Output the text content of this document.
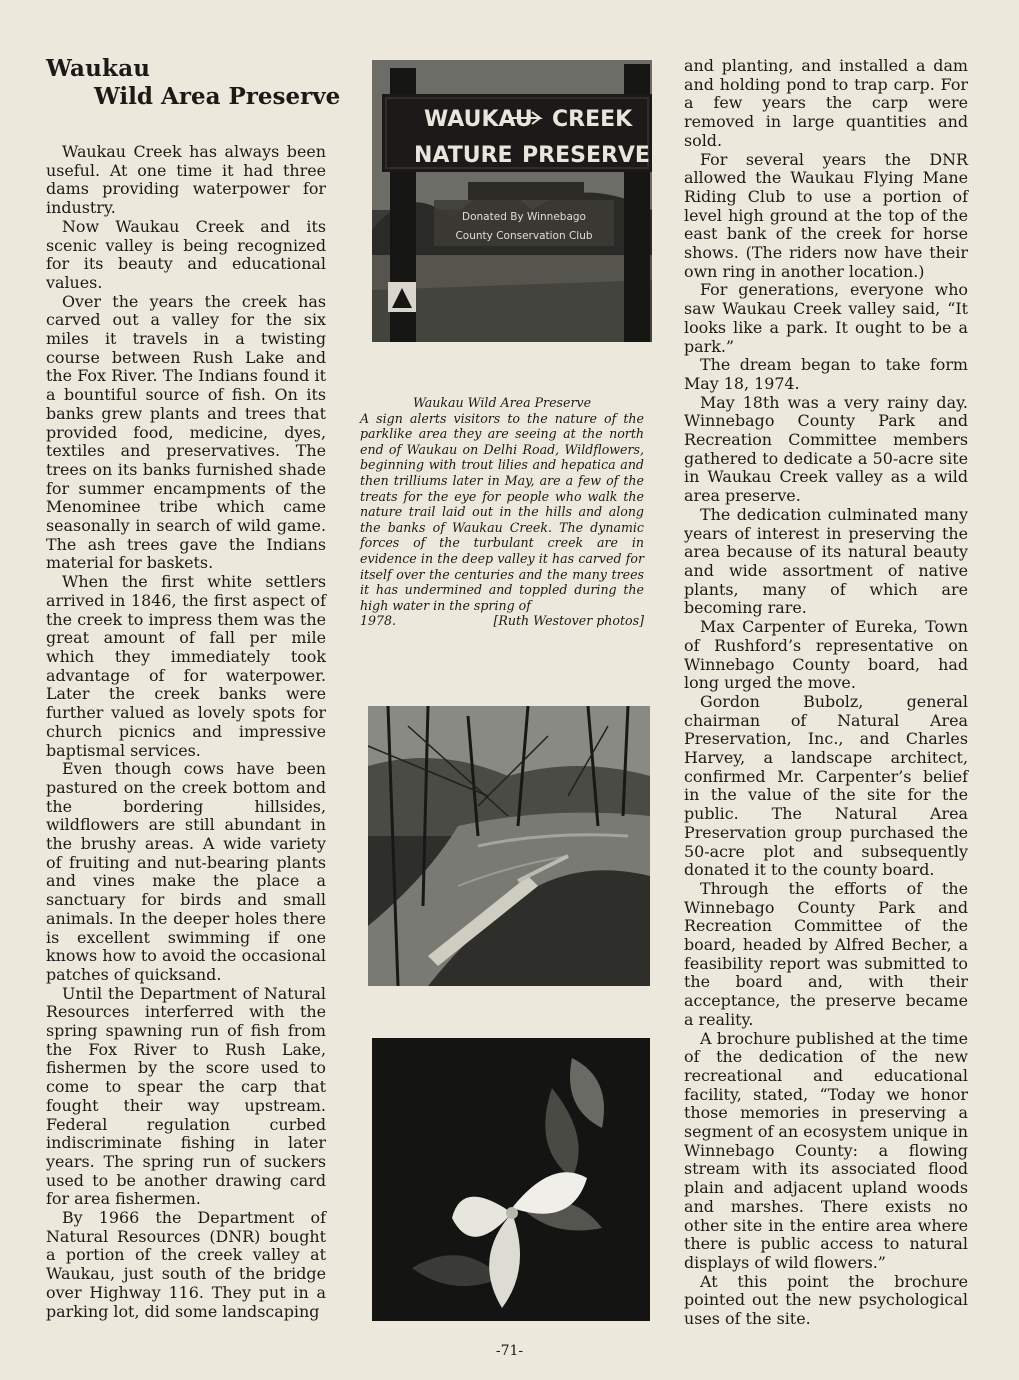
Waukau
Wild Area Preserve

Waukau Creek has always been useful. At one time it had three dams providing waterpower for industry.

Now Waukau Creek and its scenic valley is being recognized for its beauty and educational values.

Over the years the creek has carved out a valley for the six miles it travels in a twisting course between Rush Lake and the Fox River. The Indians found it a bountiful source of fish. On its banks grew plants and trees that provided food, medicine, dyes, textiles and preservatives. The trees on its banks furnished shade for summer encampments of the Menominee tribe which came seasonally in search of wild game. The ash trees gave the Indians material for baskets.

When the first white settlers arrived in 1846, the first aspect of the creek to impress them was the great amount of fall per mile which they immediately took advantage of for waterpower. Later the creek banks were further valued as lovely spots for church picnics and impressive baptismal services.

Even though cows have been pastured on the creek bottom and the bordering hillsides, wildflowers are still abundant in the brushy areas. A wide variety of fruiting and nut-bearing plants and vines make the place a sanctuary for birds and small animals. In the deeper holes there is excellent swimming if one knows how to avoid the occasional patches of quicksand.

Until the Department of Natural Resources interferred with the spring spawning run of fish from the Fox River to Rush Lake, fishermen by the score used to come to spear the carp that fought their way upstream. Federal regulation curbed indiscriminate fishing in later years. The spring run of suckers used to be another drawing card for area fishermen.

By 1966 the Department of Natural Resources (DNR) bought a portion of the creek valley at Waukau, just south of the bridge over Highway 116. They put in a parking lot, did some landscaping

WAUKAU CREEK
NATURE PRESERVE
Donated By Winnebago
County Conservation Club
Waukau Wild Area Preserve
A sign alerts visitors to the nature of the parklike area they are seeing at the north end of Waukau on Delhi Road, Wildflowers, beginning with trout lilies and hepatica and then trilliums later in May, are a few of the treats for the eye for people who walk the nature trail laid out in the hills and along the banks of Waukau Creek. The dynamic forces of the turbulant creek are in evidence in the deep valley it has carved for itself over the centuries and the many trees it has undermined and toppled during the high water in the spring of
1978.	[Ruth Westover photos]

and planting, and installed a dam and holding pond to trap carp. For a few years the carp were removed in large quantities and sold.

For several years the DNR allowed the Waukau Flying Mane Riding Club to use a portion of level high ground at the top of the east bank of the creek for horse shows. (The riders now have their own ring in another location.)

For generations, everyone who saw Waukau Creek valley said, “It looks like a park. It ought to be a park.”

The dream began to take form May 18, 1974.

May 18th was a very rainy day. Winnebago County Park and Recreation Committee members gathered to dedicate a 50-acre site in Waukau Creek valley as a wild area preserve.

The dedication culminated many years of interest in preserving the area because of its natural beauty and wide assortment of native plants, many of which are becoming rare.

Max Carpenter of Eureka, Town of Rushford’s representative on Winnebago County board, had long urged the move.

Gordon Bubolz, general chairman of Natural Area Preservation, Inc., and Charles Harvey, a landscape architect, confirmed Mr. Carpenter’s belief in the value of the site for the public. The Natural Area Preservation group purchased the 50-acre plot and subsequently donated it to the county board.

Through the efforts of the Winnebago County Park and Recreation Committee of the board, headed by Alfred Becher, a feasibility report was submitted to the board and, with their acceptance, the preserve became a reality.

A brochure published at the time of the dedication of the new recreational and educational facility, stated, “Today we honor those memories in preserving a segment of an ecosystem unique in Winnebago County: a flowing stream with its associated flood plain and adjacent upland woods and marshes. There exists no other site in the entire area where there is public access to natural displays of wild flowers.”

At this point the brochure pointed out the new psychological uses of the site.

-71-
